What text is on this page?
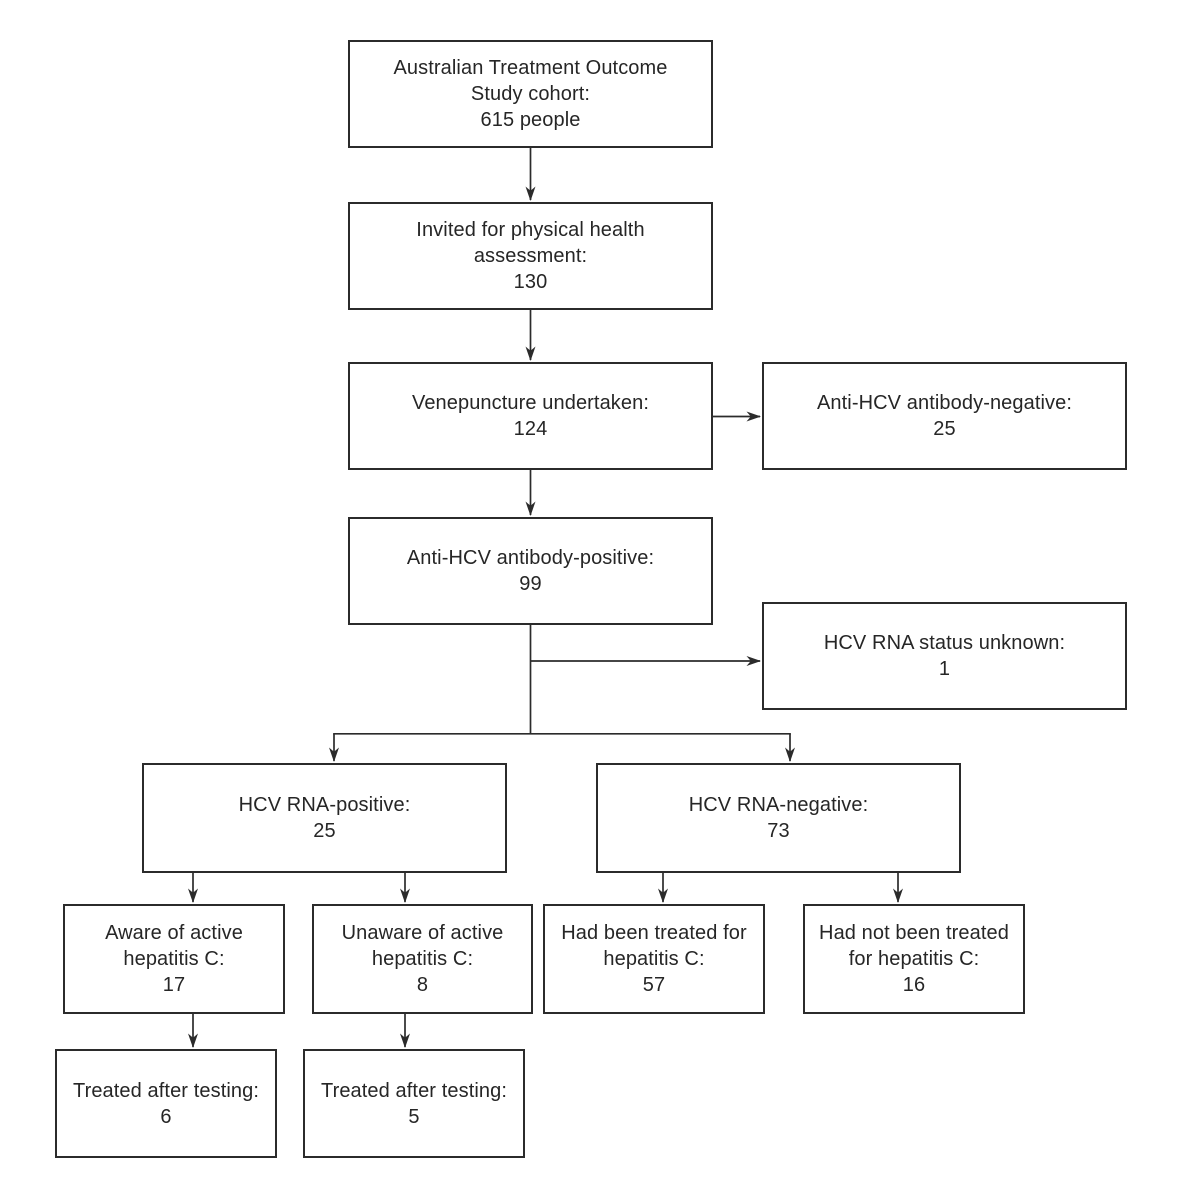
Australian Treatment Outcome
Study cohort:
615 people
Invited for physical health
assessment:
130
Venepuncture undertaken:
124
Anti-HCV antibody-negative:
25
Anti-HCV antibody-positive:
99
HCV RNA status unknown:
1
HCV RNA-positive:
25
HCV RNA-negative:
73
Aware of active
hepatitis C:
17
Unaware of active
hepatitis C:
8
Had been treated for
hepatitis C:
57
Had not been treated
for hepatitis C:
16
Treated after testing:
6
Treated after testing:
5
